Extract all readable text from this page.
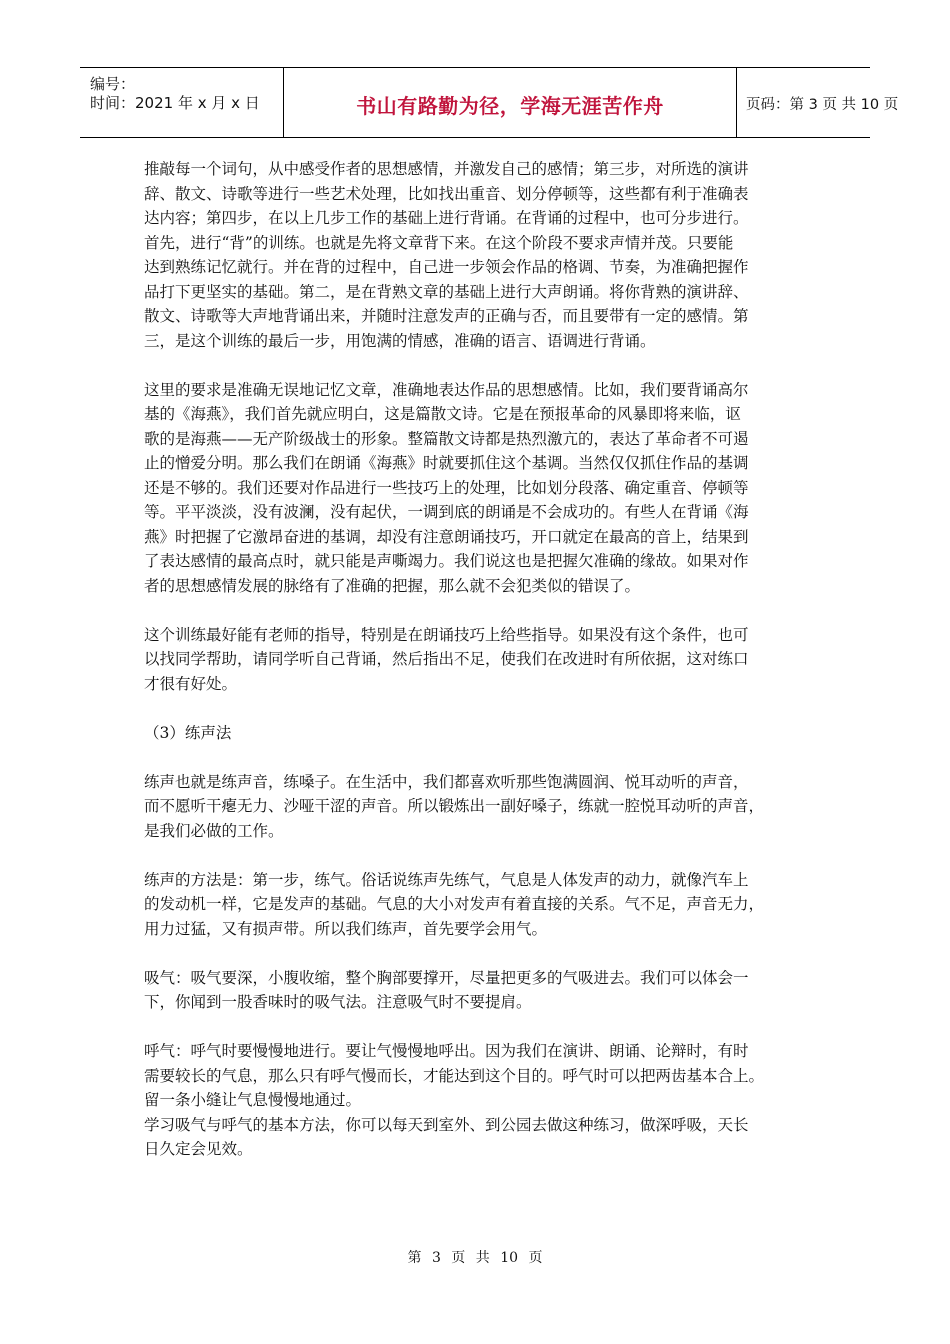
编号：
时间：2021 年 x 月 x 日	书山有路勤为径，学海无涯苦作舟	页码：第 3 页 共 10 页
推敲每一个词句，从中感受作者的思想感情，并激发自己的感情；第三步，对所选的演讲
辞、散文、诗歌等进行一些艺术处理，比如找出重音、划分停顿等，这些都有利于准确表
达内容；第四步，在以上几步工作的基础上进行背诵。在背诵的过程中，也可分步进行。
首先，进行“背”的训练。也就是先将文章背下来。在这个阶段不要求声情并茂。只要能
达到熟练记忆就行。并在背的过程中，自己进一步领会作品的格调、节奏，为准确把握作
品打下更坚实的基础。第二，是在背熟文章的基础上进行大声朗诵。将你背熟的演讲辞、
散文、诗歌等大声地背诵出来，并随时注意发声的正确与否，而且要带有一定的感情。第
三，是这个训练的最后一步，用饱满的情感，准确的语言、语调进行背诵。
这里的要求是准确无误地记忆文章，准确地表达作品的思想感情。比如，我们要背诵高尔
基的《海燕》，我们首先就应明白，这是篇散文诗。它是在预报革命的风暴即将来临，讴
歌的是海燕——无产阶级战士的形象。整篇散文诗都是热烈激亢的，表达了革命者不可遏
止的憎爱分明。那么我们在朗诵《海燕》时就要抓住这个基调。当然仅仅抓住作品的基调
还是不够的。我们还要对作品进行一些技巧上的处理，比如划分段落、确定重音、停顿等
等。平平淡淡，没有波澜，没有起伏，一调到底的朗诵是不会成功的。有些人在背诵《海
燕》时把握了它激昂奋进的基调，却没有注意朗诵技巧，开口就定在最高的音上，结果到
了表达感情的最高点时，就只能是声嘶竭力。我们说这也是把握欠准确的缘故。如果对作
者的思想感情发展的脉络有了准确的把握，那么就不会犯类似的错误了。
这个训练最好能有老师的指导，特别是在朗诵技巧上给些指导。如果没有这个条件，也可
以找同学帮助，请同学听自己背诵，然后指出不足，使我们在改进时有所依据，这对练口
才很有好处。
（3）练声法
练声也就是练声音，练嗓子。在生活中，我们都喜欢听那些饱满圆润、悦耳动听的声音，
而不愿听干瘪无力、沙哑干涩的声音。所以锻炼出一副好嗓子，练就一腔悦耳动听的声音，
是我们必做的工作。
练声的方法是：第一步，练气。俗话说练声先练气，气息是人体发声的动力，就像汽车上
的发动机一样，它是发声的基础。气息的大小对发声有着直接的关系。气不足，声音无力，
用力过猛，又有损声带。所以我们练声，首先要学会用气。
吸气：吸气要深，小腹收缩，整个胸部要撑开，尽量把更多的气吸进去。我们可以体会一
下，你闻到一股香味时的吸气法。注意吸气时不要提肩。
呼气：呼气时要慢慢地进行。要让气慢慢地呼出。因为我们在演讲、朗诵、论辩时，有时
需要较长的气息，那么只有呼气慢而长，才能达到这个目的。呼气时可以把两齿基本合上。
留一条小缝让气息慢慢地通过。
学习吸气与呼气的基本方法，你可以每天到室外、到公园去做这种练习，做深呼吸，天长
日久定会见效。
第 3 页 共 10 页
